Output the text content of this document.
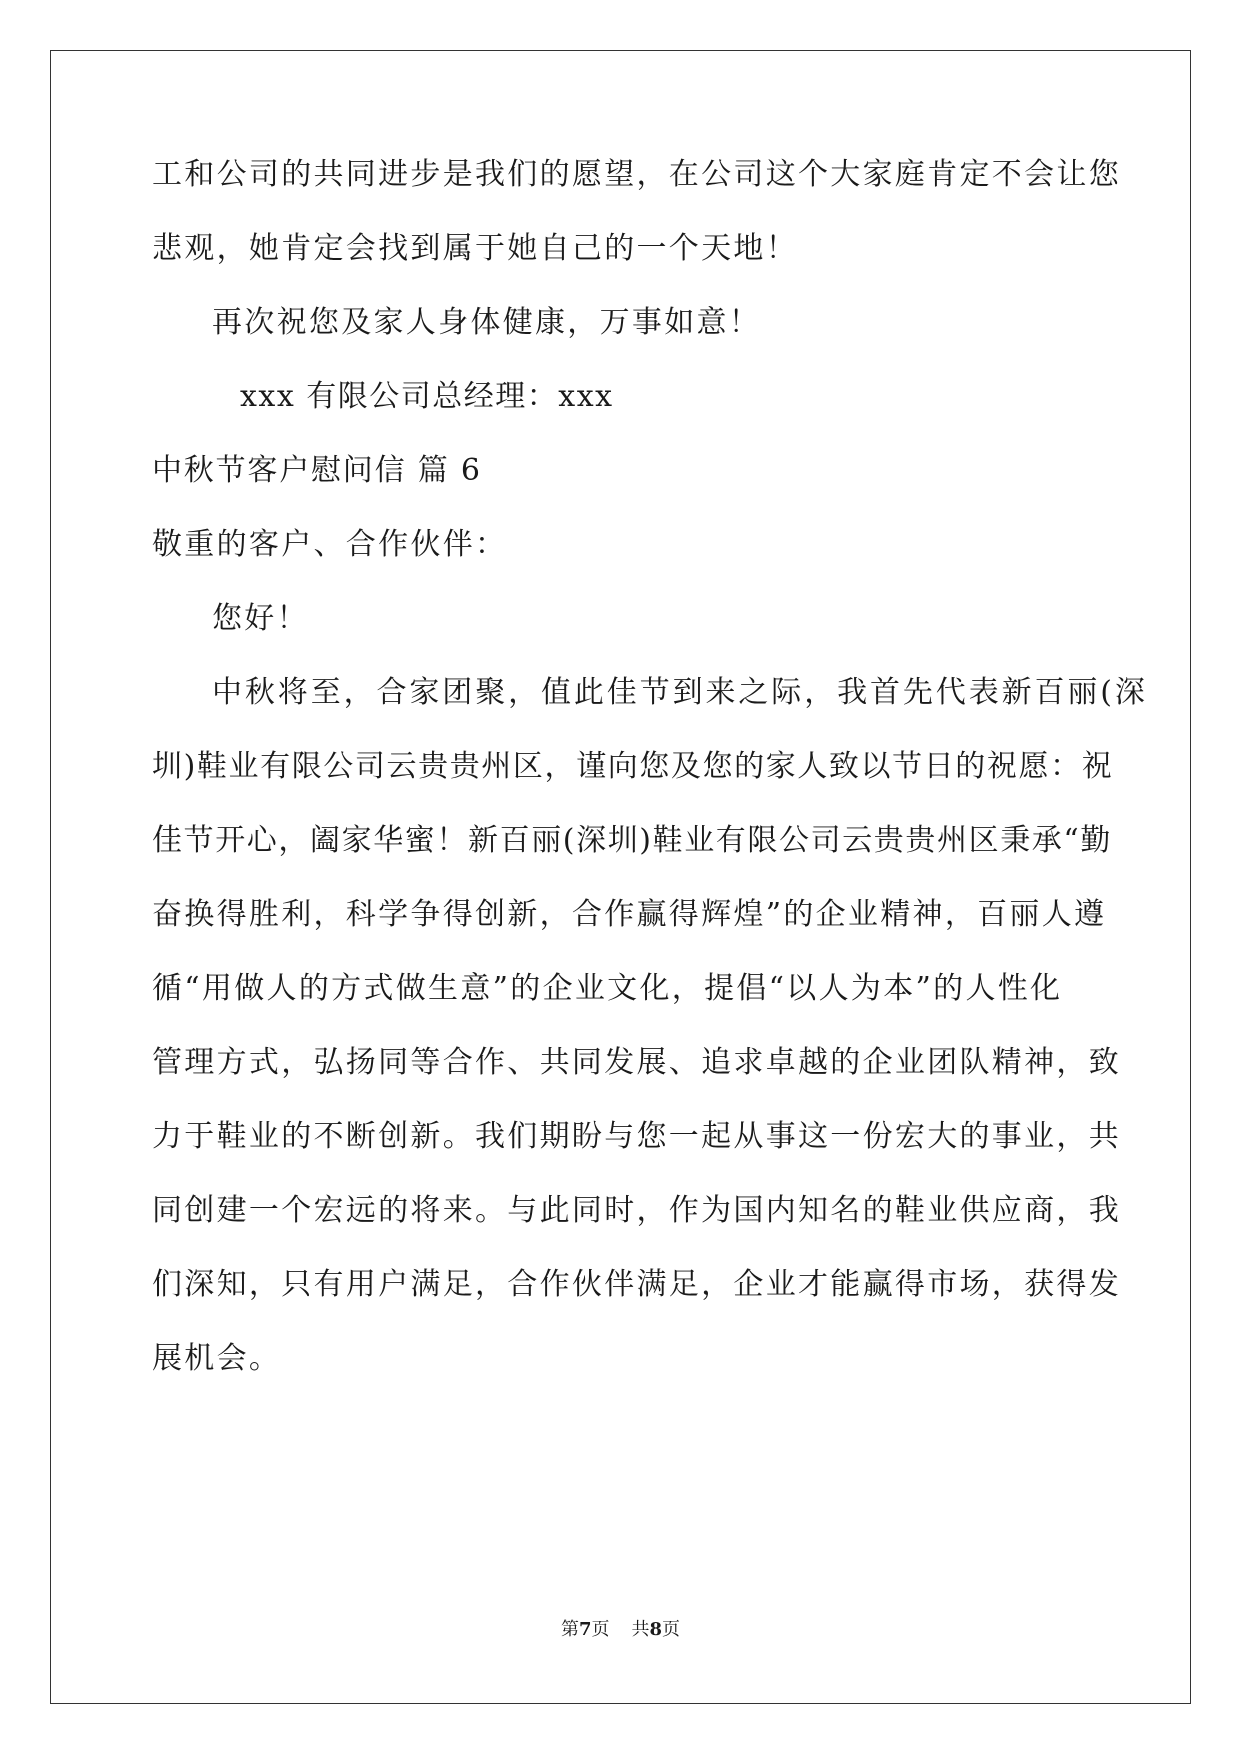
工和公司的共同进步是我们的愿望，在公司这个大家庭肯定不会让您
悲观，她肯定会找到属于她自己的一个天地！
再次祝您及家人身体健康，万事如意！
xxx 有限公司总经理：xxx
中秋节客户慰问信 篇 6
敬重的客户、合作伙伴：
您好！
中秋将至，合家团聚，值此佳节到来之际，我首先代表新百丽(深
圳)鞋业有限公司云贵贵州区，谨向您及您的家人致以节日的祝愿：祝
佳节开心，阖家华蜜！新百丽(深圳)鞋业有限公司云贵贵州区秉承“勤
奋换得胜利，科学争得创新，合作赢得辉煌”的企业精神，百丽人遵
循“用做人的方式做生意”的企业文化，提倡“以人为本”的人性化
管理方式，弘扬同等合作、共同发展、追求卓越的企业团队精神，致
力于鞋业的不断创新。我们期盼与您一起从事这一份宏大的事业，共
同创建一个宏远的将来。与此同时，作为国内知名的鞋业供应商，我
们深知，只有用户满足，合作伙伴满足，企业才能赢得市场，获得发
展机会。
第7页 共8页
